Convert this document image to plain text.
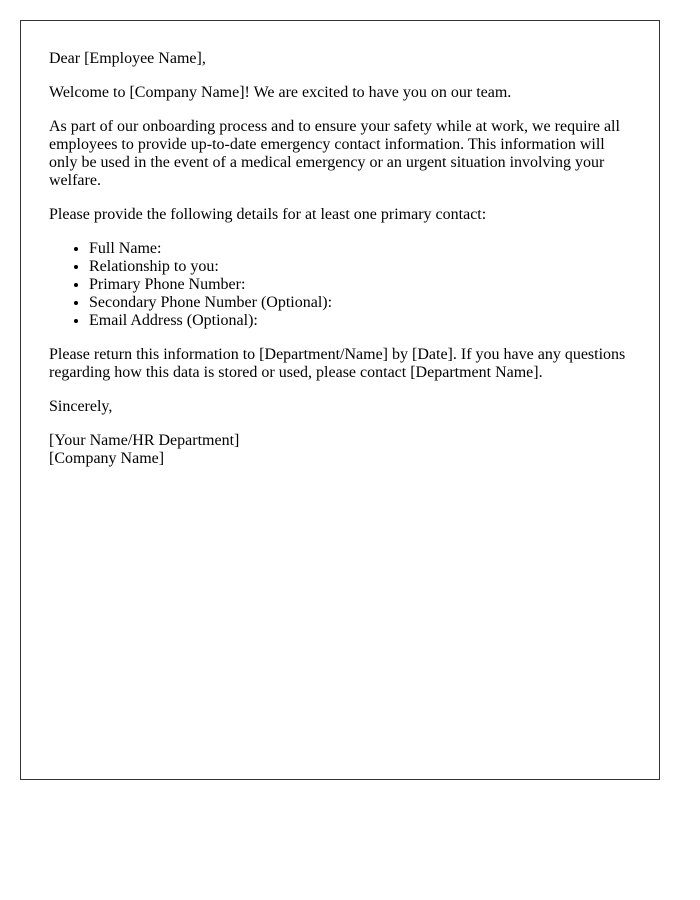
Dear [Employee Name],

Welcome to [Company Name]! We are excited to have you on our team.

As part of our onboarding process and to ensure your safety while at work, we require all employees to provide up-to-date emergency contact information. This information will only be used in the event of a medical emergency or an urgent situation involving your welfare.

Please provide the following details for at least one primary contact:

• Full Name:
• Relationship to you:
• Primary Phone Number:
• Secondary Phone Number (Optional):
• Email Address (Optional):

Please return this information to [Department/Name] by [Date]. If you have any questions regarding how this data is stored or used, please contact [Department Name].

Sincerely,

[Your Name/HR Department]
[Company Name]
